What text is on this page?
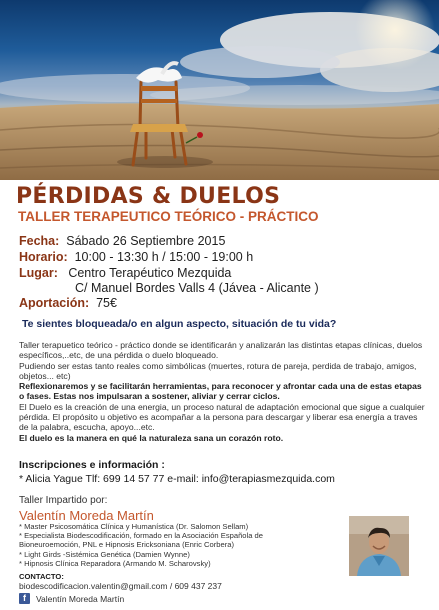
PÉRDIDAS & DUELOS
TALLER TERAPEUTICO TEÓRICO - PRÁCTICO
Fecha: Sábado 26 Septiembre 2015
Horario: 10:00 - 13:30 h / 15:00 - 19:00 h
Lugar: Centro Terapéutico Mezquida
C/ Manuel Bordes Valls 4 (Jávea - Alicante )
Aportación: 75€
Te sientes bloqueada/o en algun aspecto, situación de tu vida?

Taller terapuetico teórico - práctico donde se identificarán y analizarán las distintas etapas clínicas, duelos específicos,..etc, de una pérdida o duelo bloqueado.

Pudiendo ser estas tanto reales como simbólicas (muertes, rotura de pareja, perdida de trabajo, amigos, objetos... etc)

Reflexionaremos y se facilitarán herramientas, para reconocer y afrontar cada una de estas etapas o fases. Estas nos impulsaran a sostener, aliviar y cerrar ciclos.

El Duelo es la creación de una energia, un proceso natural de adaptación emocional que sigue a cualquier pérdida. El propósito u objetivo es acompañar a la persona para descargar y liberar esa energía a traves de la palabra, escucha, apoyo...etc.

El duelo es la manera en qué la naturaleza sana un corazón roto.

Inscripciones e información :
* Alicia Yague Tlf: 699 14 57 77 e-mail: info@terapiasmezquida.com
Taller Impartido por:
Valentín Moreda Martín
* Master Psicosomática Clínica y Humanística (Dr. Salomon Sellam)
* Especialista Biodescodificación, formado en la Asociación Española de
Bioneuroemoción, PNL e Hipnosis Ericksoniana (Enric Corbera)
* Light Girds -Sistémica Genética (Damien Wynne)
* Hipnosis Clínica Reparadora (Armando M. Scharovsky)
CONTACTO:
biodescodificacion.valentin@gmail.com / 609 437 237
f	Valentín Moreda Martín
